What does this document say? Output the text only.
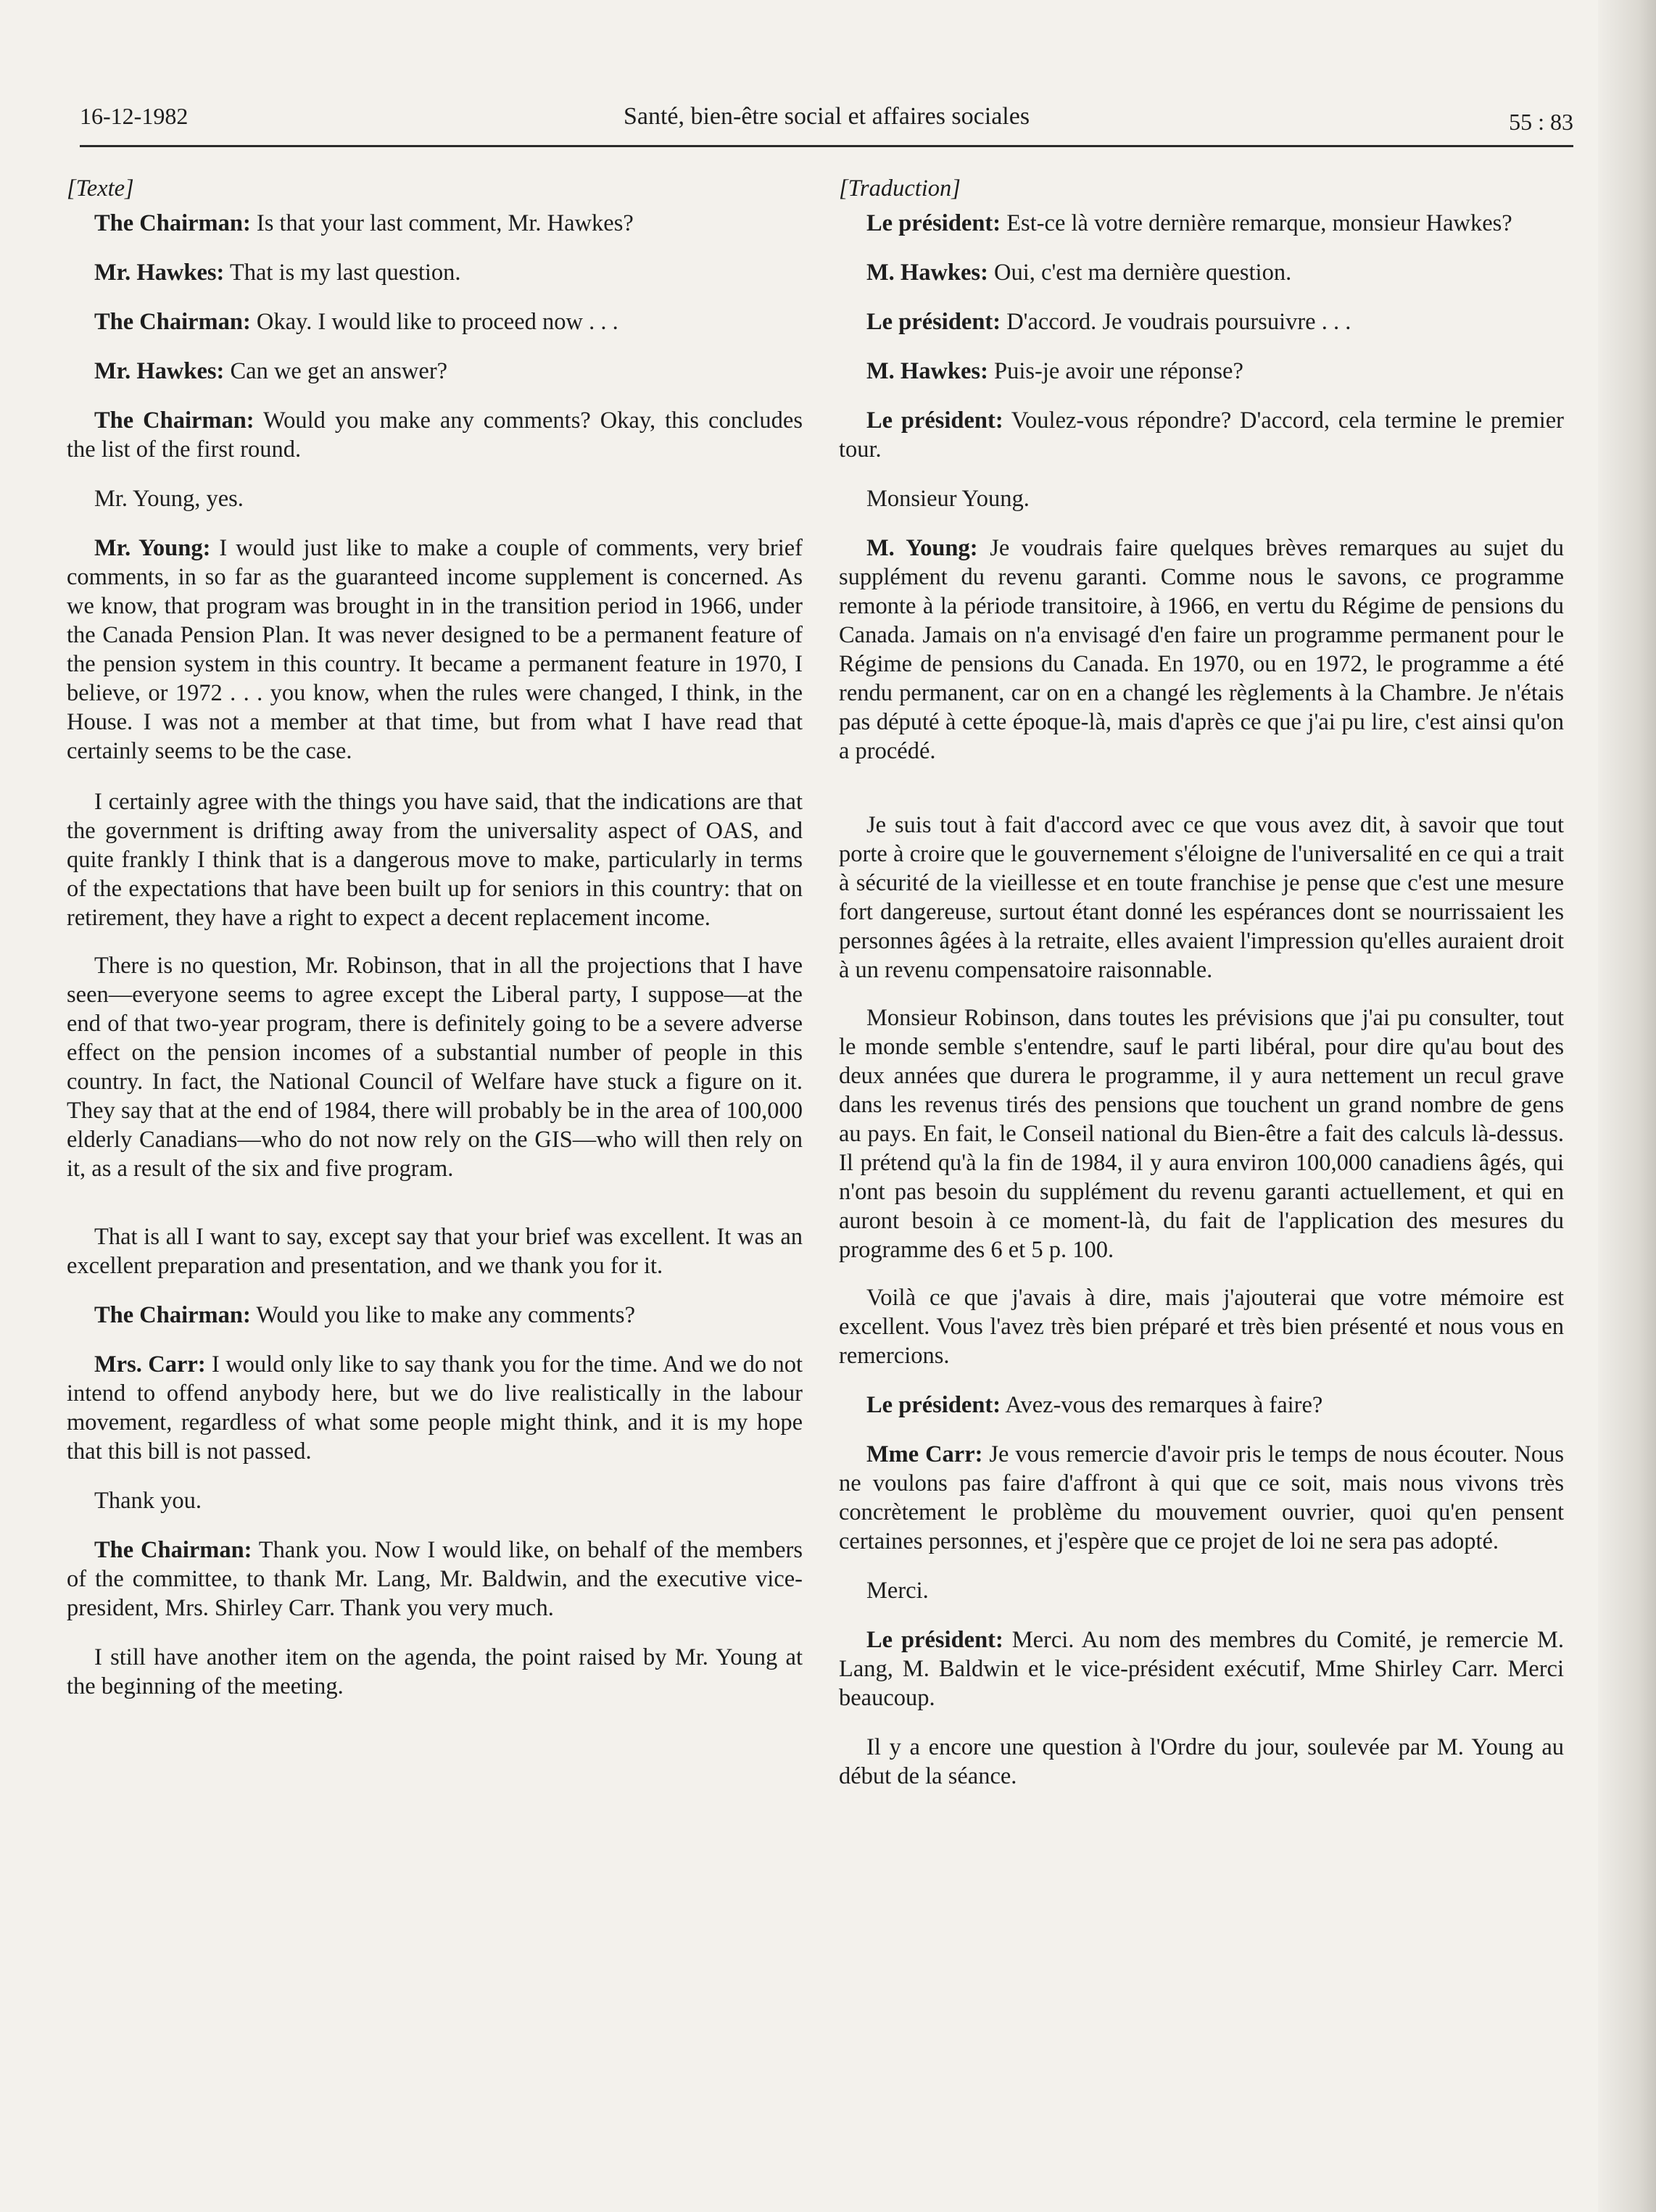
16-12-1982	Santé, bien-être social et affaires sociales	55 : 83

[Texte]

The Chairman: Is that your last comment, Mr. Hawkes?

Mr. Hawkes: That is my last question.

The Chairman: Okay. I would like to proceed now . . .

Mr. Hawkes: Can we get an answer?

The Chairman: Would you make any comments? Okay, this concludes the list of the first round.

Mr. Young, yes.

Mr. Young: I would just like to make a couple of comments, very brief comments, in so far as the guaranteed income supplement is concerned. As we know, that program was brought in in the transition period in 1966, under the Canada Pension Plan. It was never designed to be a permanent feature of the pension system in this country. It became a permanent feature in 1970, I believe, or 1972 . . . you know, when the rules were changed, I think, in the House. I was not a member at that time, but from what I have read that certainly seems to be the case.

I certainly agree with the things you have said, that the indications are that the government is drifting away from the universality aspect of OAS, and quite frankly I think that is a dangerous move to make, particularly in terms of the expectations that have been built up for seniors in this country: that on retirement, they have a right to expect a decent replacement income.

There is no question, Mr. Robinson, that in all the projections that I have seen—everyone seems to agree except the Liberal party, I suppose—at the end of that two-year program, there is definitely going to be a severe adverse effect on the pension incomes of a substantial number of people in this country. In fact, the National Council of Welfare have stuck a figure on it. They say that at the end of 1984, there will probably be in the area of 100,000 elderly Canadians—who do not now rely on the GIS—who will then rely on it, as a result of the six and five program.

That is all I want to say, except say that your brief was excellent. It was an excellent preparation and presentation, and we thank you for it.

The Chairman: Would you like to make any comments?

Mrs. Carr: I would only like to say thank you for the time. And we do not intend to offend anybody here, but we do live realistically in the labour movement, regardless of what some people might think, and it is my hope that this bill is not passed.

Thank you.

The Chairman: Thank you. Now I would like, on behalf of the members of the committee, to thank Mr. Lang, Mr. Baldwin, and the executive vice-president, Mrs. Shirley Carr. Thank you very much.

I still have another item on the agenda, the point raised by Mr. Young at the beginning of the meeting.

[Traduction]

Le président: Est-ce là votre dernière remarque, monsieur Hawkes?

M. Hawkes: Oui, c'est ma dernière question.

Le président: D'accord. Je voudrais poursuivre . . .

M. Hawkes: Puis-je avoir une réponse?

Le président: Voulez-vous répondre? D'accord, cela termine le premier tour.

Monsieur Young.

M. Young: Je voudrais faire quelques brèves remarques au sujet du supplément du revenu garanti. Comme nous le savons, ce programme remonte à la période transitoire, à 1966, en vertu du Régime de pensions du Canada. Jamais on n'a envisagé d'en faire un programme permanent pour le Régime de pensions du Canada. En 1970, ou en 1972, le programme a été rendu permanent, car on en a changé les règlements à la Chambre. Je n'étais pas député à cette époque-là, mais d'après ce que j'ai pu lire, c'est ainsi qu'on a procédé.

Je suis tout à fait d'accord avec ce que vous avez dit, à savoir que tout porte à croire que le gouvernement s'éloigne de l'universalité en ce qui a trait à sécurité de la vieillesse et en toute franchise je pense que c'est une mesure fort dangereuse, surtout étant donné les espérances dont se nourrissaient les personnes âgées à la retraite, elles avaient l'impression qu'elles auraient droit à un revenu compensatoire raisonnable.

Monsieur Robinson, dans toutes les prévisions que j'ai pu consulter, tout le monde semble s'entendre, sauf le parti libéral, pour dire qu'au bout des deux années que durera le programme, il y aura nettement un recul grave dans les revenus tirés des pensions que touchent un grand nombre de gens au pays. En fait, le Conseil national du Bien-être a fait des calculs là-dessus. Il prétend qu'à la fin de 1984, il y aura environ 100,000 canadiens âgés, qui n'ont pas besoin du supplément du revenu garanti actuellement, et qui en auront besoin à ce moment-là, du fait de l'application des mesures du programme des 6 et 5 p. 100.

Voilà ce que j'avais à dire, mais j'ajouterai que votre mémoire est excellent. Vous l'avez très bien préparé et très bien présenté et nous vous en remercions.

Le président: Avez-vous des remarques à faire?

Mme Carr: Je vous remercie d'avoir pris le temps de nous écouter. Nous ne voulons pas faire d'affront à qui que ce soit, mais nous vivons très concrètement le problème du mouvement ouvrier, quoi qu'en pensent certaines personnes, et j'espère que ce projet de loi ne sera pas adopté.

Merci.

Le président: Merci. Au nom des membres du Comité, je remercie M. Lang, M. Baldwin et le vice-président exécutif, Mme Shirley Carr. Merci beaucoup.

Il y a encore une question à l'Ordre du jour, soulevée par M. Young au début de la séance.
